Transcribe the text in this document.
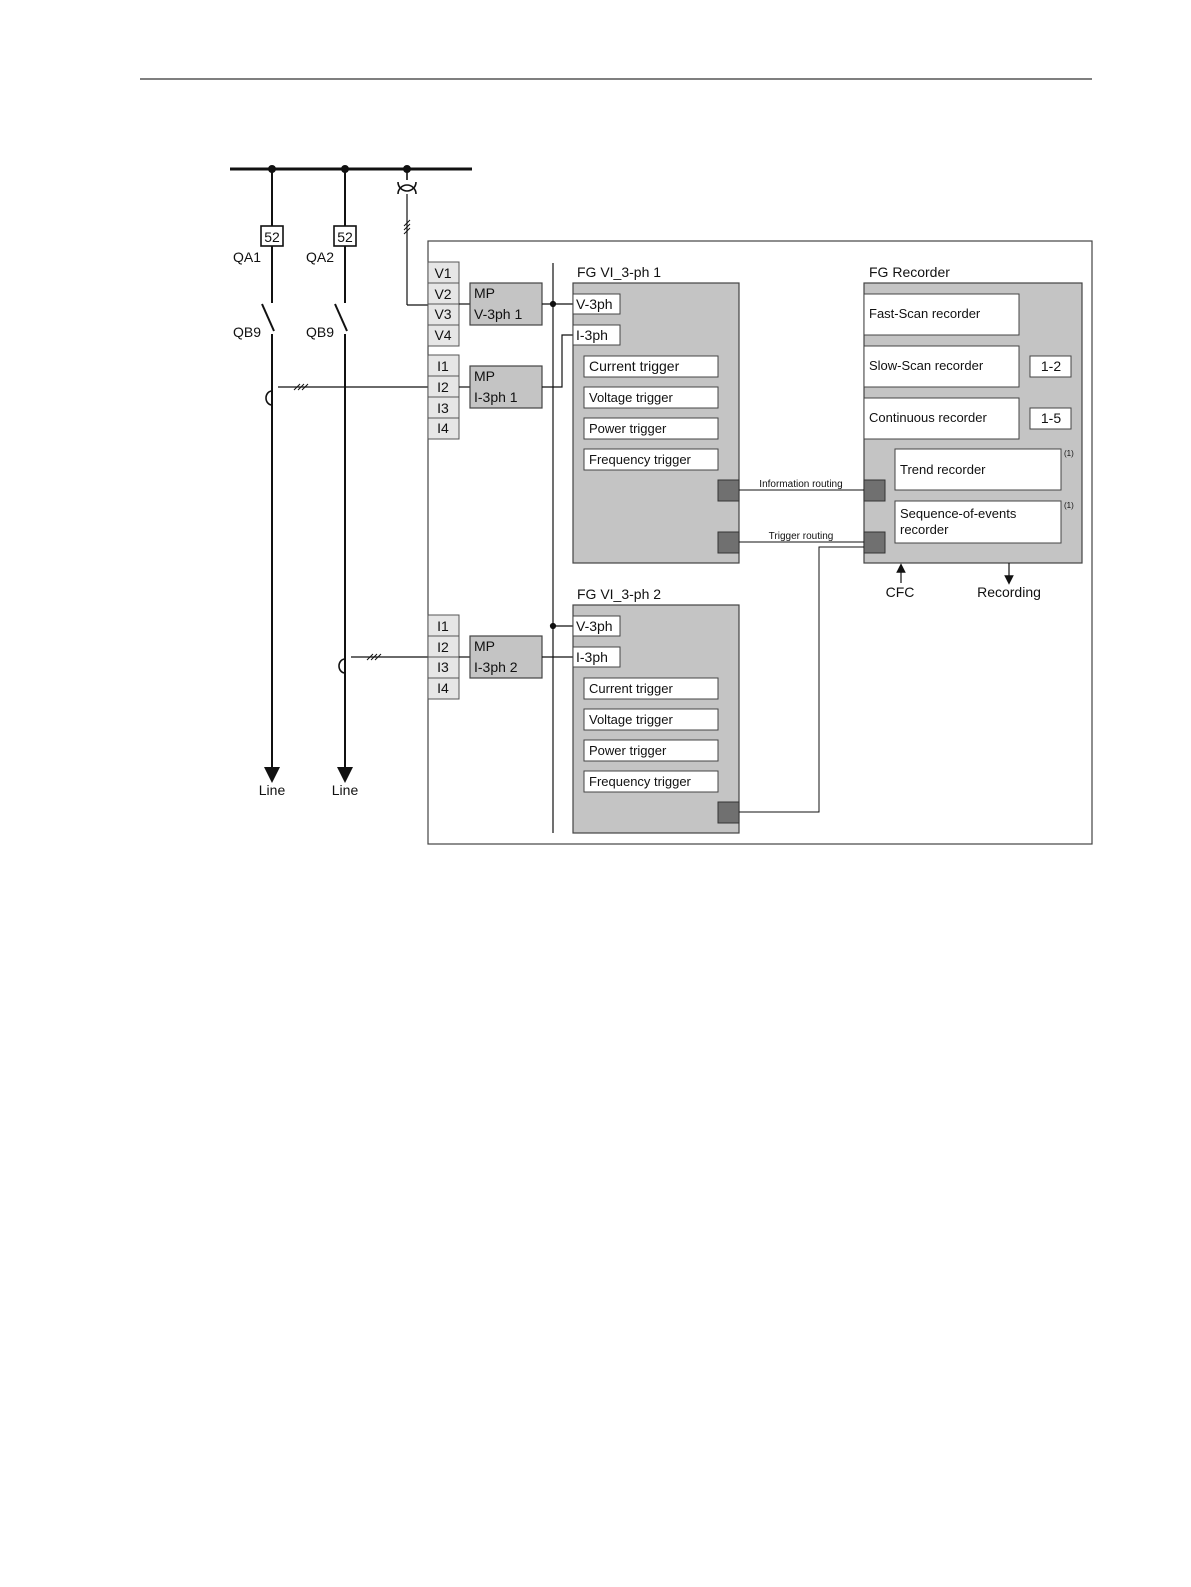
52	52
QA1	QA2
QB9	QB9
Line	Line
V1
V2
V3
V4
I1
I2
I3
I4
I1
I2
I3
I4
MP
V-3ph 1
MP
I-3ph 1
MP
I-3ph 2
FG VI_3-ph 1
V-3ph
I-3ph
Current trigger
Voltage trigger
Power trigger
Frequency trigger
FG VI_3-ph 2
V-3ph
I-3ph
Current trigger
Voltage trigger
Power trigger
Frequency trigger
FG Recorder
Fast-Scan recorder
Slow-Scan recorder	1-2
Continuous recorder	1-5
Trend recorder
(1)
Sequence-of-events
recorder
(1)
Information routing
Trigger routing
CFC	Recording
